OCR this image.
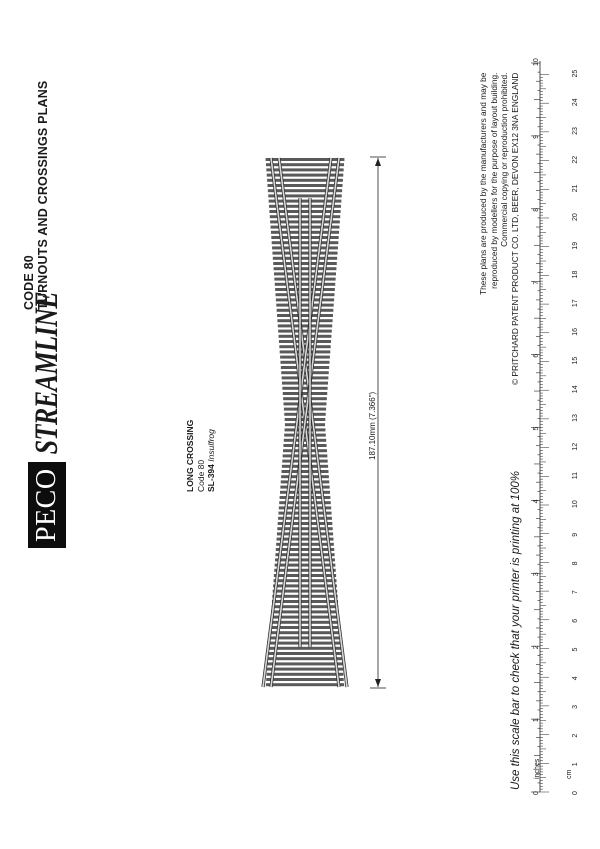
PECO
STREAMLINE
CODE 80 TURNOUTS AND CROSSINGS PLANS
LONG CROSSING Code 80 SL-394 Insulfrog	187.10mm (7.366")
These plans are produced by the manufacturers and may be reproduced by modellers for the purpose of layout building. Commercial copying or reproduction prohibited. © PRITCHARD PATENT PRODUCT CO. LTD, BEER, DEVON EX12 3NA ENGLAND
Use this scale bar to check that your printer is printing at 100%
0
1
2
3
4
5
6
7
8
9
10
0
1
2
3
4
5
6
7
8
9
10
11
12
13
14
15
16
17
18
19
20
21
22
23
24
25
inches	cm
